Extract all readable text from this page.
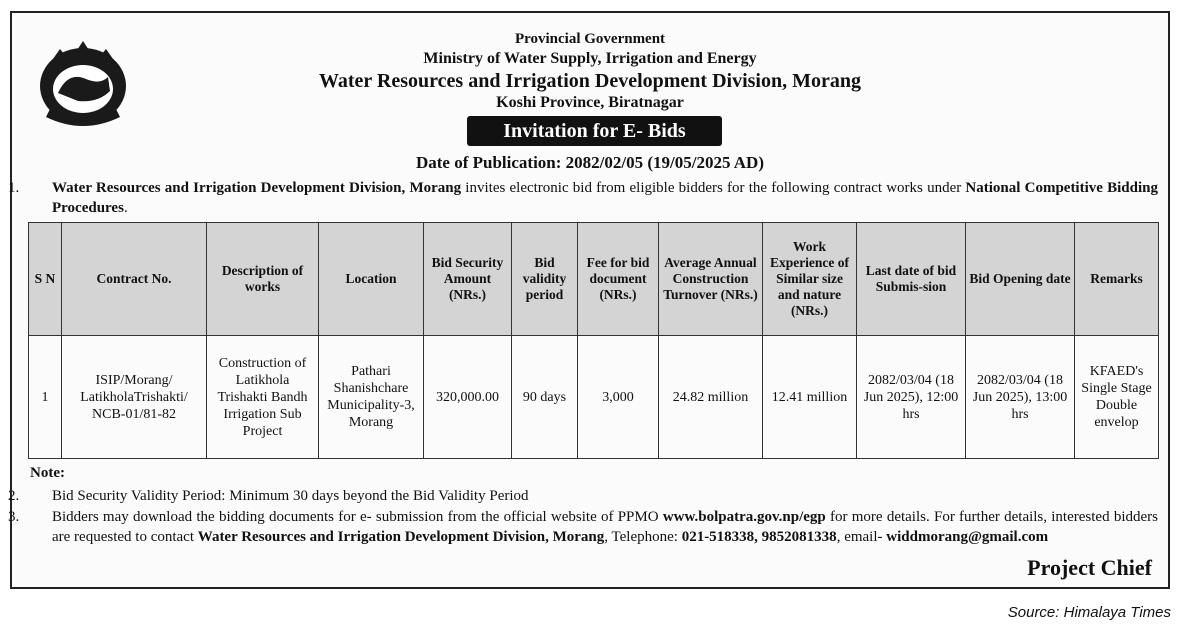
Provincial Government
Ministry of Water Supply, Irrigation and Energy
Water Resources and Irrigation Development Division, Morang
Koshi Province, Biratnagar
Invitation for E- Bids
Date of Publication: 2082/02/05 (19/05/2025 AD)
1. Water Resources and Irrigation Development Division, Morang invites electronic bid from eligible bidders for the following contract works under National Competitive Bidding Procedures.
S N	Contract No.	Description of works	Location	Bid Security Amount (NRs.)	Bid validity period	Fee for bid document (NRs.)	Average Annual Construction Turnover (NRs.)	Work Experience of Similar size and nature (NRs.)	Last date of bid Submis-sion	Bid Opening date	Remarks
1	ISIP/Morang/ LatikholaTrishakti/ NCB-01/81-82	Construction of Latikhola Trishakti Bandh Irrigation Sub Project	Pathari Shanishchare Municipality-3, Morang	320,000.00	90 days	3,000	24.82 million	12.41 million	2082/03/04 (18 Jun 2025), 12:00 hrs	2082/03/04 (18 Jun 2025), 13:00 hrs	KFAED's Single Stage Double envelop
Note:
2. Bid Security Validity Period: Minimum 30 days beyond the Bid Validity Period
3. Bidders may download the bidding documents for e- submission from the official website of PPMO www.bolpatra.gov.np/egp for more details. For further details, interested bidders are requested to contact Water Resources and Irrigation Development Division, Morang, Telephone: 021-518338, 9852081338, email- widdmorang@gmail.com
Project Chief
Source: Himalaya Times
